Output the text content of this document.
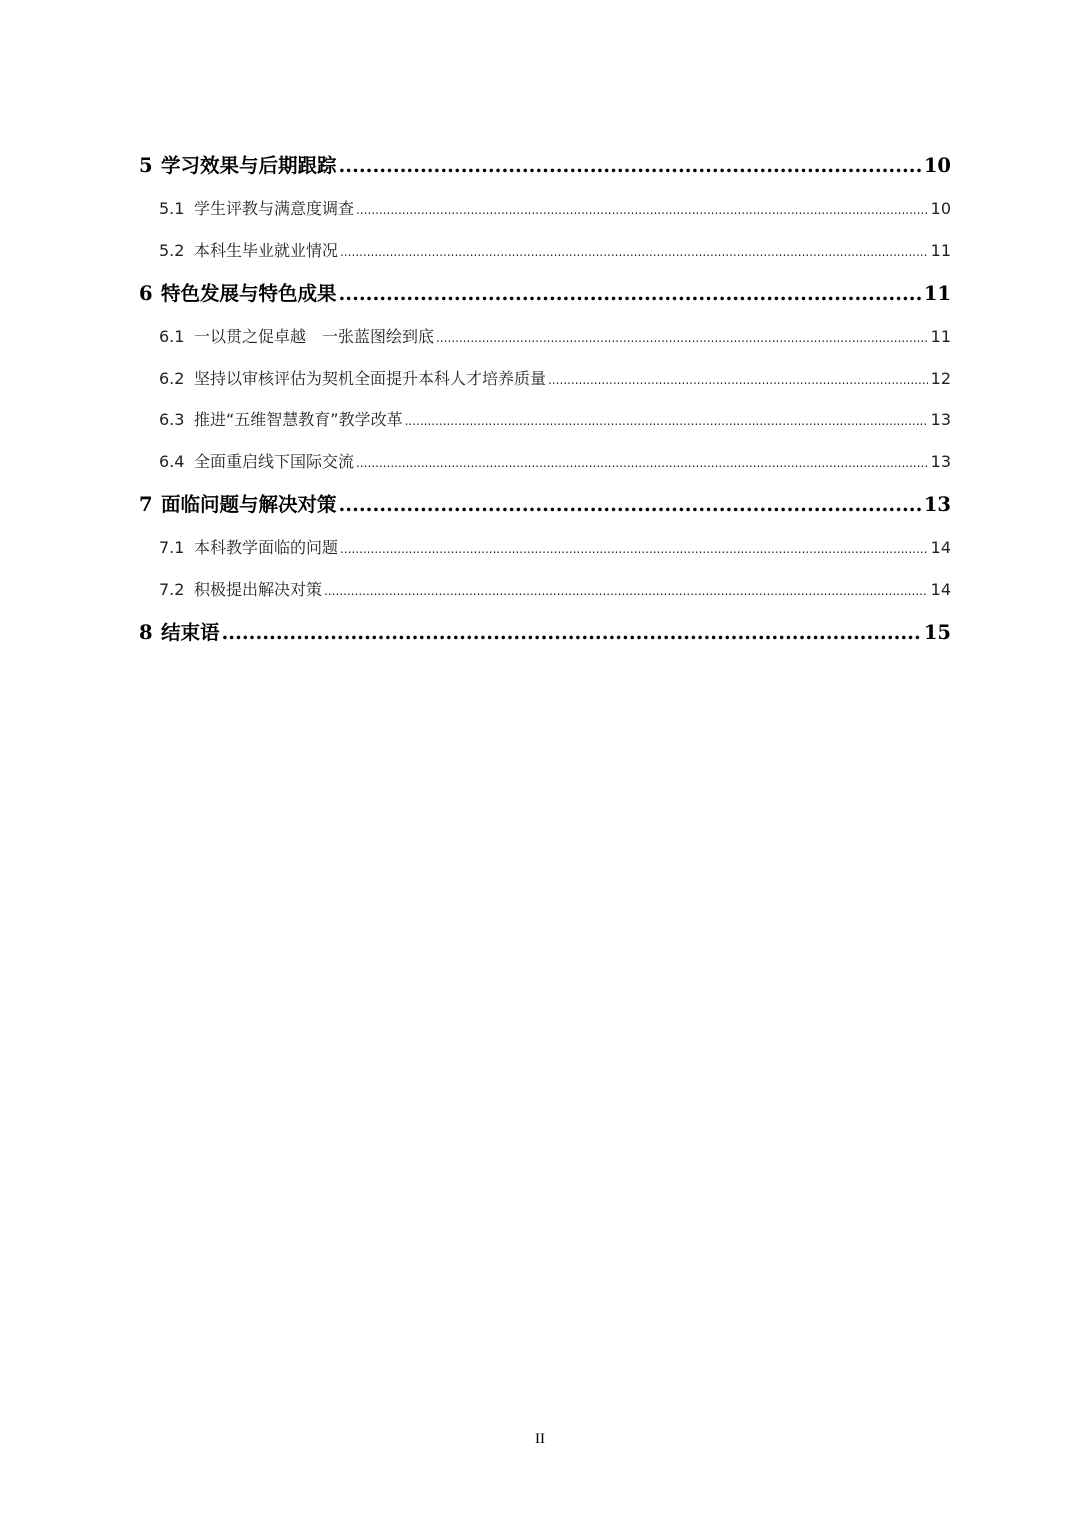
5 学习效果与后期跟踪 .....	10
5.1 学生评教与满意度调查 .....	10
5.2 本科生毕业就业情况 .....	11
6 特色发展与特色成果 .....	11
6.1 一以贯之促卓越　一张蓝图绘到底 .....	11
6.2 坚持以审核评估为契机全面提升本科人才培养质量 .....	12
6.3 推进“五维智慧教育”教学改革 .....	13
6.4 全面重启线下国际交流 .....	13
7 面临问题与解决对策 .....	13
7.1 本科教学面临的问题 .....	14
7.2 积极提出解决对策 .....	14
8 结束语 .....	15
II
